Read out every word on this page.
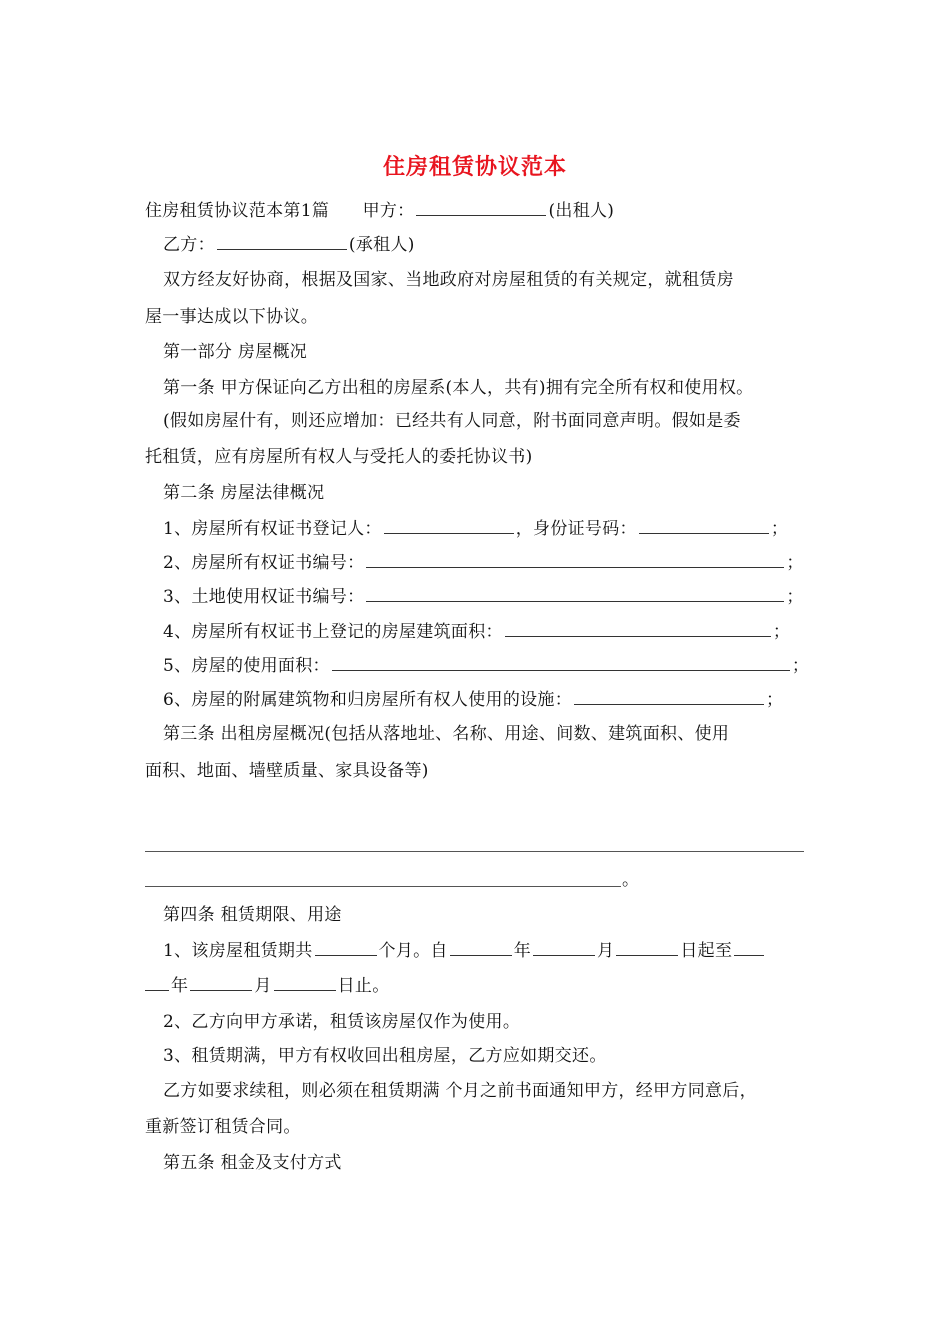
住房租赁协议范本
住房租赁协议范本第1篇 甲方：	(出租人)
乙方：	(承租人)
双方经友好协商，根据及国家、当地政府对房屋租赁的有关规定，就租赁房
屋一事达成以下协议。
第一部分 房屋概况
第一条 甲方保证向乙方出租的房屋系(本人，共有)拥有完全所有权和使用权。
(假如房屋什有，则还应增加：已经共有人同意，附书面同意声明。假如是委
托租赁，应有房屋所有权人与受托人的委托协议书)
第二条 房屋法律概况
1、房屋所有权证书登记人：	，身份证号码：	；
2、房屋所有权证书编号：	；
3、土地使用权证书编号：	；
4、房屋所有权证书上登记的房屋建筑面积：	；
5、房屋的使用面积：	；
6、房屋的附属建筑物和归房屋所有权人使用的设施：	；
第三条 出租房屋概况(包括从落地址、名称、用途、间数、建筑面积、使用
面积、地面、墙壁质量、家具设备等)
。
第四条 租赁期限、用途
1、该房屋租赁期共	个月。自	年	月	日起至
年	月	日止。
2、乙方向甲方承诺，租赁该房屋仅作为使用。
3、租赁期满，甲方有权收回出租房屋，乙方应如期交还。
乙方如要求续租，则必须在租赁期满 个月之前书面通知甲方，经甲方同意后，
重新签订租赁合同。
第五条 租金及支付方式
